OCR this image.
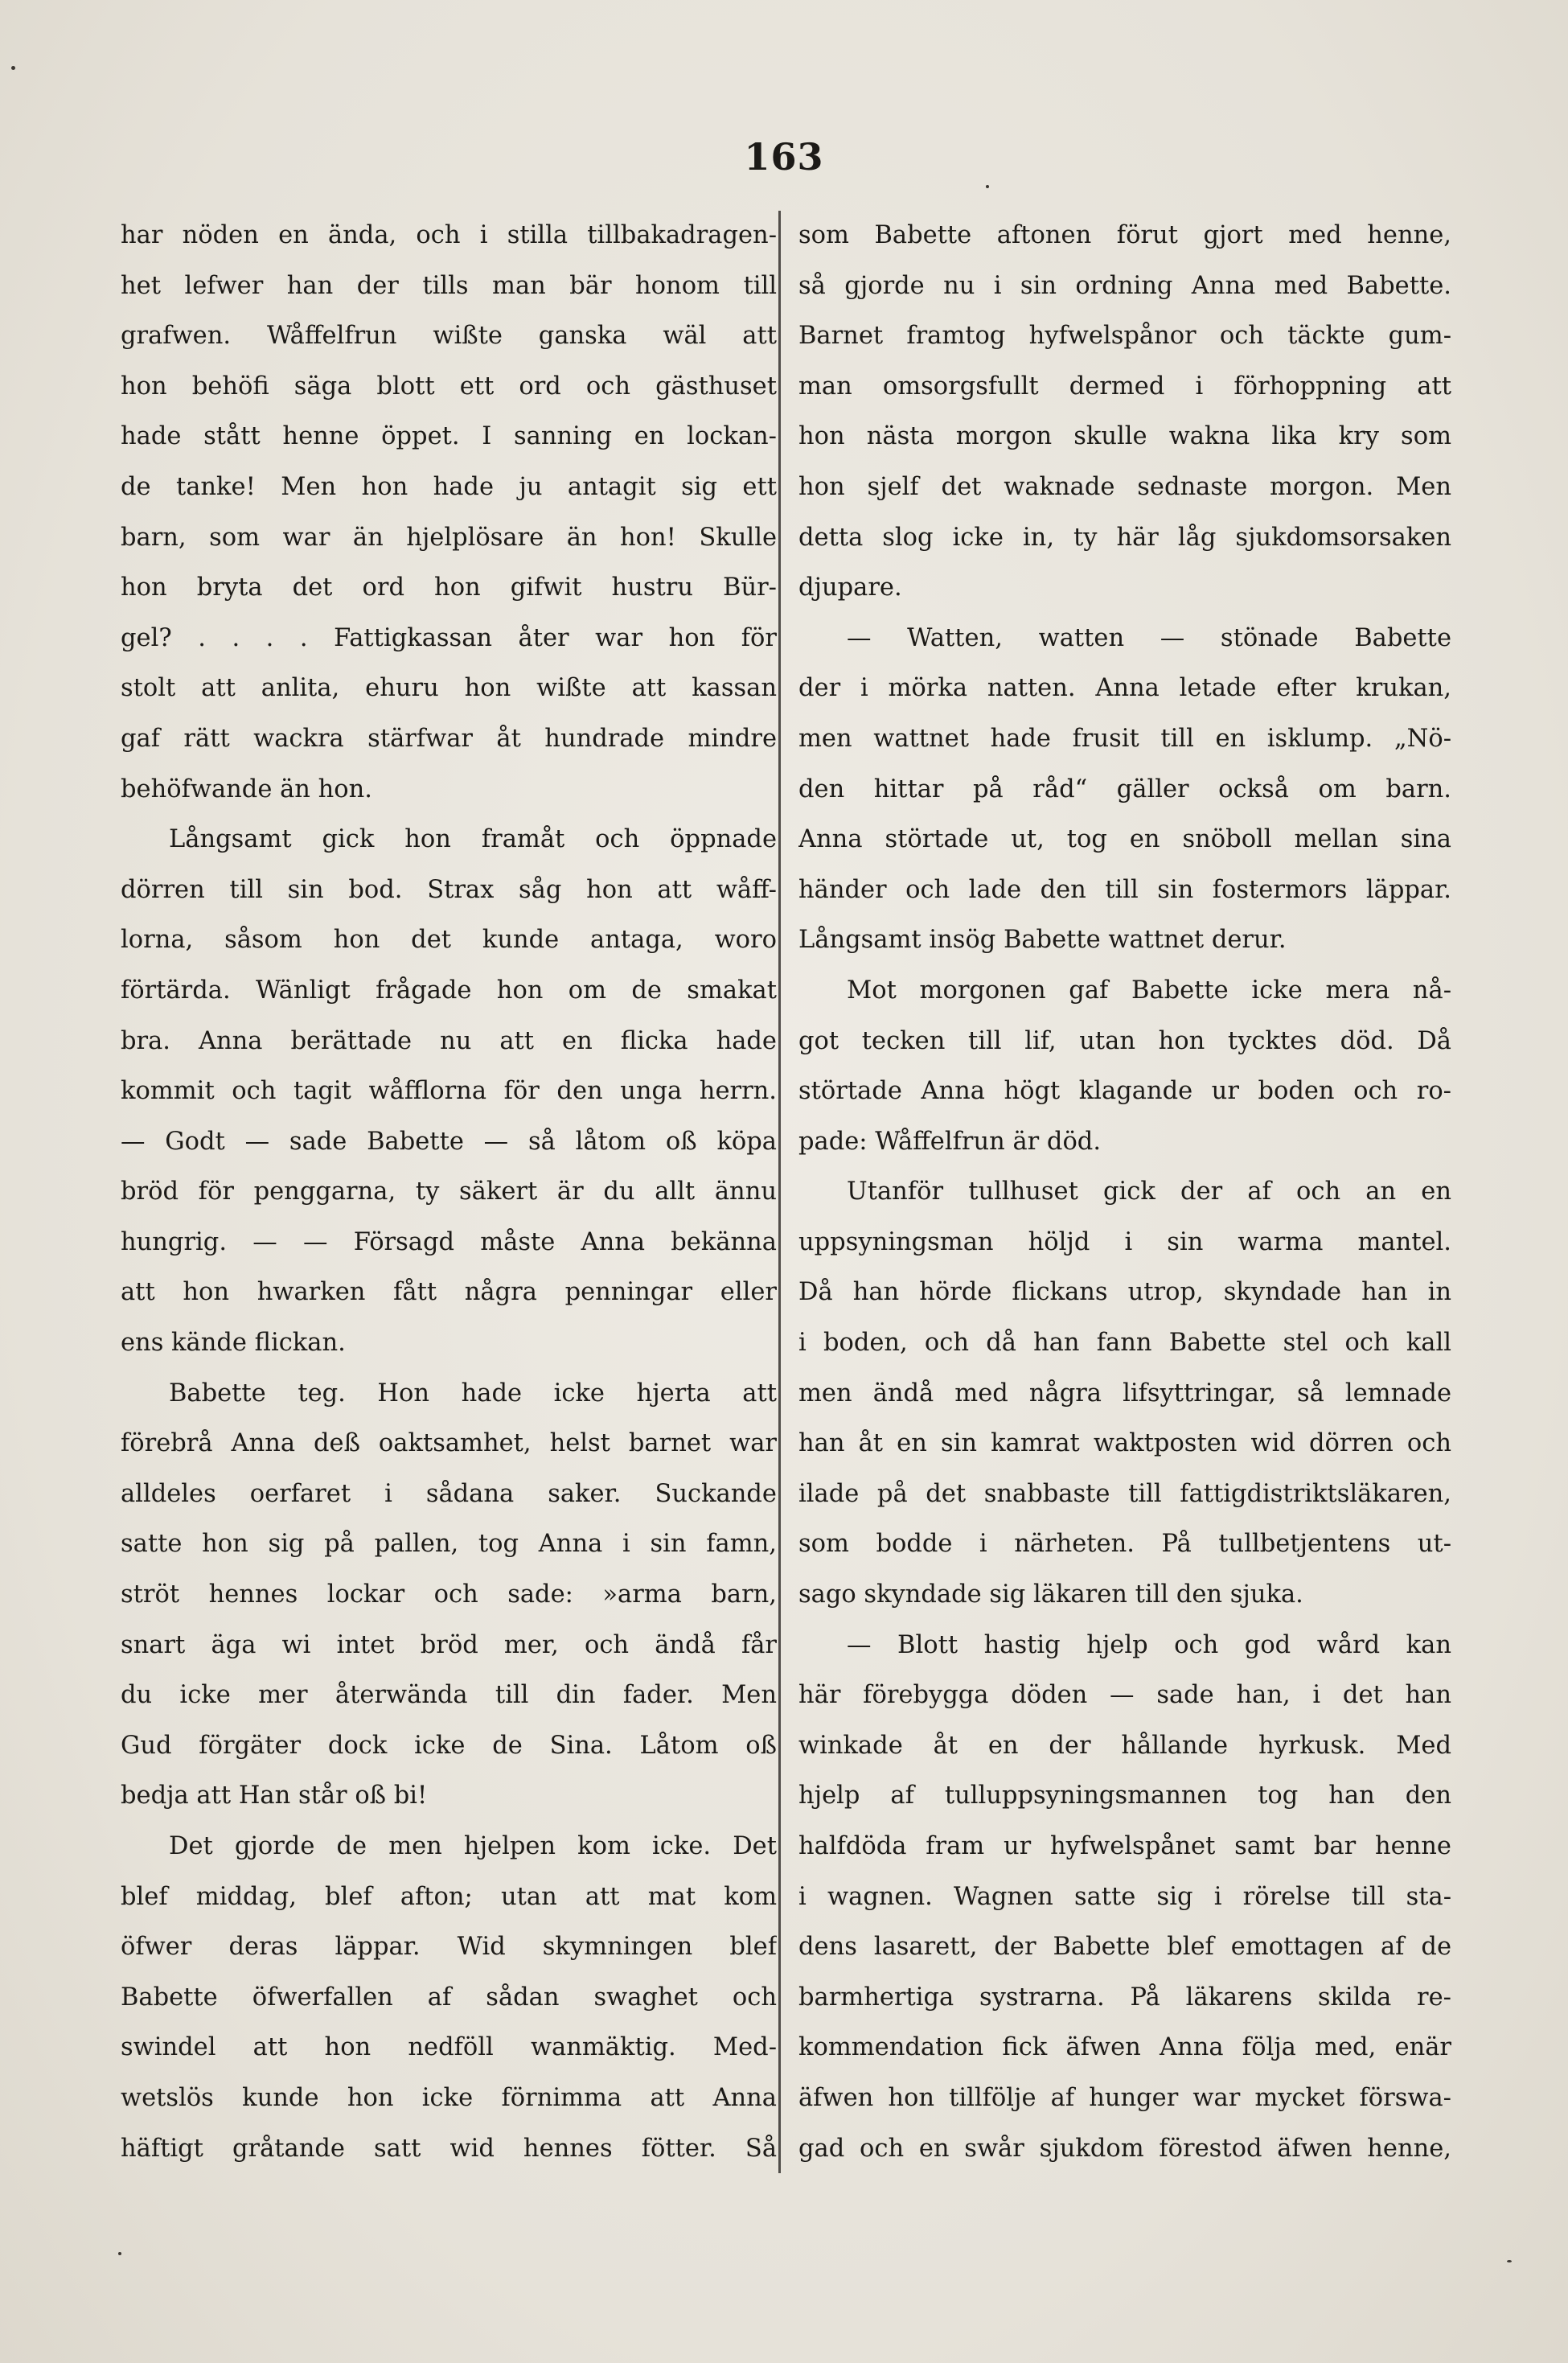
163
har nöden en ända, och i stilla tillbakadragen-
het lefwer han der tills man bär honom till
grafwen. Wåffelfrun wißte ganska wäl att
hon behöfi säga blott ett ord och gästhuset
hade stått henne öppet. I sanning en lockan-
de tanke! Men hon hade ju antagit sig ett
barn, som war än hjelplösare än hon! Skulle
hon bryta det ord hon gifwit hustru Bür-
gel? . . . . Fattigkassan åter war hon för
stolt att anlita, ehuru hon wißte att kassan
gaf rätt wackra stärfwar åt hundrade mindre
behöfwande än hon.
Långsamt gick hon framåt och öppnade
dörren till sin bod. Strax såg hon att wåff-
lorna, såsom hon det kunde antaga, woro
förtärda. Wänligt frågade hon om de smakat
bra. Anna berättade nu att en flicka hade
kommit och tagit wåfflorna för den unga herrn.
— Godt — sade Babette — så låtom oß köpa
bröd för penggarna, ty säkert är du allt ännu
hungrig. — — Försagd måste Anna bekänna
att hon hwarken fått några penningar eller
ens kände flickan.
Babette teg. Hon hade icke hjerta att
förebrå Anna deß oaktsamhet, helst barnet war
alldeles oerfaret i sådana saker. Suckande
satte hon sig på pallen, tog Anna i sin famn,
ströt hennes lockar och sade: »arma barn,
snart äga wi intet bröd mer, och ändå får
du icke mer återwända till din fader. Men
Gud förgäter dock icke de Sina. Låtom oß
bedja att Han står oß bi!
Det gjorde de men hjelpen kom icke. Det
blef middag, blef afton; utan att mat kom
öfwer deras läppar. Wid skymningen blef
Babette öfwerfallen af sådan swaghet och
swindel att hon nedföll wanmäktig. Med-
wetslös kunde hon icke förnimma att Anna
häftigt gråtande satt wid hennes fötter. Så
som Babette aftonen förut gjort med henne,
så gjorde nu i sin ordning Anna med Babette.
Barnet framtog hyfwelspånor och täckte gum-
man omsorgsfullt dermed i förhoppning att
hon nästa morgon skulle wakna lika kry som
hon sjelf det waknade sednaste morgon. Men
detta slog icke in, ty här låg sjukdomsorsaken
djupare.
— Watten, watten — stönade Babette
der i mörka natten. Anna letade efter krukan,
men wattnet hade frusit till en isklump. „Nö-
den hittar på råd“ gäller också om barn.
Anna störtade ut, tog en snöboll mellan sina
händer och lade den till sin fostermors läppar.
Långsamt insög Babette wattnet derur.
Mot morgonen gaf Babette icke mera nå-
got tecken till lif, utan hon tycktes död. Då
störtade Anna högt klagande ur boden och ro-
pade: Wåffelfrun är död.
Utanför tullhuset gick der af och an en
uppsyningsman höljd i sin warma mantel.
Då han hörde flickans utrop, skyndade han in
i boden, och då han fann Babette stel och kall
men ändå med några lifsyttringar, så lemnade
han åt en sin kamrat waktposten wid dörren och
ilade på det snabbaste till fattigdistriktsläkaren,
som bodde i närheten. På tullbetjentens ut-
sago skyndade sig läkaren till den sjuka.
— Blott hastig hjelp och god wård kan
här förebygga döden — sade han, i det han
winkade åt en der hållande hyrkusk. Med
hjelp af tulluppsyningsmannen tog han den
halfdöda fram ur hyfwelspånet samt bar henne
i wagnen. Wagnen satte sig i rörelse till sta-
dens lasarett, der Babette blef emottagen af de
barmhertiga systrarna. På läkarens skilda re-
kommendation fick äfwen Anna följa med, enär
äfwen hon tillfölje af hunger war mycket förswa-
gad och en swår sjukdom förestod äfwen henne,
